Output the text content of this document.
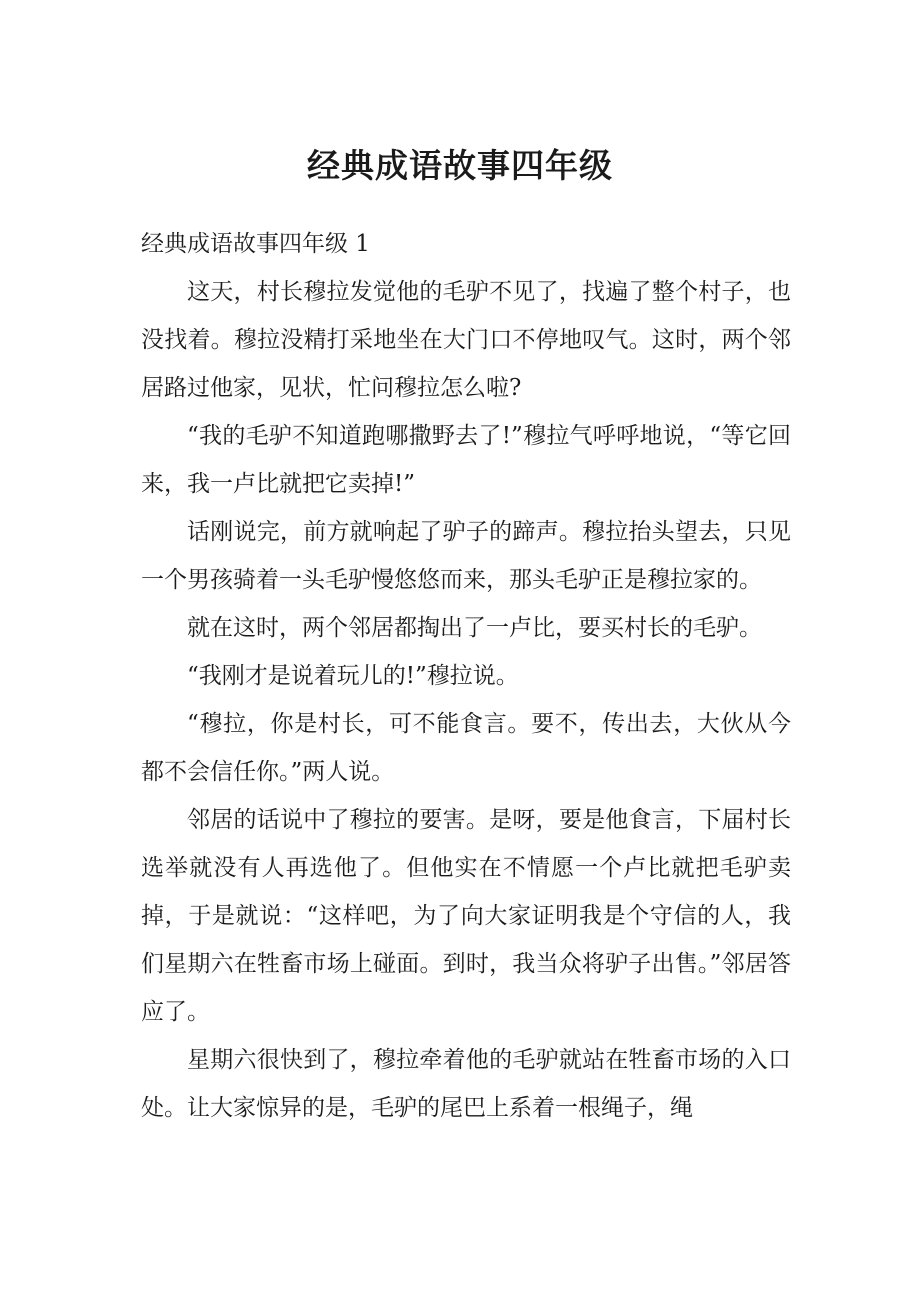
经典成语故事四年级

经典成语故事四年级 1

这天，村长穆拉发觉他的毛驴不见了，找遍了整个村子，也没找着。穆拉没精打采地坐在大门口不停地叹气。这时，两个邻居路过他家，见状，忙问穆拉怎么啦?

“我的毛驴不知道跑哪撒野去了!”穆拉气呼呼地说，“等它回来，我一卢比就把它卖掉!”

话刚说完，前方就响起了驴子的蹄声。穆拉抬头望去，只见一个男孩骑着一头毛驴慢悠悠而来，那头毛驴正是穆拉家的。

就在这时，两个邻居都掏出了一卢比，要买村长的毛驴。

“我刚才是说着玩儿的!”穆拉说。

“穆拉，你是村长，可不能食言。要不，传出去，大伙从今都不会信任你。”两人说。

邻居的话说中了穆拉的要害。是呀，要是他食言，下届村长选举就没有人再选他了。但他实在不情愿一个卢比就把毛驴卖掉，于是就说：“这样吧，为了向大家证明我是个守信的人，我们星期六在牲畜市场上碰面。到时，我当众将驴子出售。”邻居答应了。

星期六很快到了，穆拉牵着他的毛驴就站在牲畜市场的入口处。让大家惊异的是，毛驴的尾巴上系着一根绳子，绳
